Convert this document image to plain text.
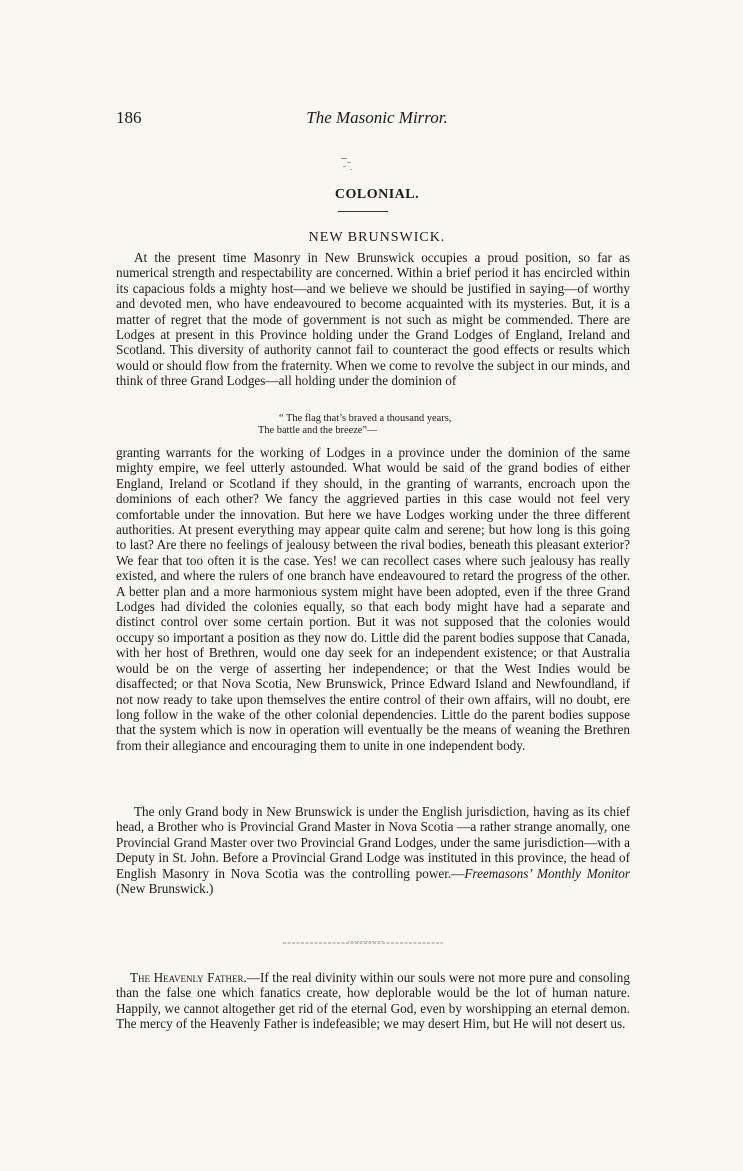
186	The Masonic Mirror.
COLONIAL.
NEW BRUNSWICK.

At the present time Masonry in New Brunswick occupies a proud position, so far as numerical strength and respectability are concerned. Within a brief period it has encircled within its capacious folds a mighty host—and we believe we should be justified in saying—of worthy and devoted men, who have endeavoured to become acquainted with its mysteries. But, it is a matter of regret that the mode of government is not such as might be commended. There are Lodges at present in this Province holding under the Grand Lodges of England, Ireland and Scotland. This diversity of authority cannot fail to counteract the good effects or results which would or should flow from the fraternity. When we come to revolve the subject in our minds, and think of three Grand Lodges—all holding under the dominion of

“ The flag that’s braved a thousand years,
The battle and the breeze”—

granting warrants for the working of Lodges in a province under the dominion of the same mighty empire, we feel utterly astounded. What would be said of the grand bodies of either England, Ireland or Scotland if they should, in the granting of warrants, encroach upon the dominions of each other? We fancy the aggrieved parties in this case would not feel very comfortable under the innovation. But here we have Lodges working under the three different authorities. At present everything may appear quite calm and serene; but how long is this going to last? Are there no feelings of jealousy between the rival bodies, beneath this pleasant exterior? We fear that too often it is the case. Yes! we can recollect cases where such jealousy has really existed, and where the rulers of one branch have endeavoured to retard the progress of the other. A better plan and a more harmonious system might have been adopted, even if the three Grand Lodges had divided the colonies equally, so that each body might have had a separate and distinct control over some certain portion. But it was not supposed that the colonies would occupy so important a position as they now do. Little did the parent bodies suppose that Canada, with her host of Brethren, would one day seek for an independent existence; or that Australia would be on the verge of asserting her independence; or that the West Indies would be disaffected; or that Nova Scotia, New Brunswick, Prince Edward Island and Newfoundland, if not now ready to take upon themselves the entire control of their own affairs, will no doubt, ere long follow in the wake of the other colonial dependencies. Little do the parent bodies suppose that the system which is now in operation will eventually be the means of weaning the Brethren from their allegiance and encouraging them to unite in one independent body.

The only Grand body in New Brunswick is under the English jurisdiction, having as its chief head, a Brother who is Provincial Grand Master in Nova Scotia —a rather strange anomally, one Provincial Grand Master over two Provincial Grand Lodges, under the same jurisdiction—with a Deputy in St. John. Before a Provincial Grand Lodge was instituted in this province, the head of English Masonry in Nova Scotia was the controlling power.—Freemasons’ Monthly Monitor (New Brunswick.)

The Heavenly Father.—If the real divinity within our souls were not more pure and consoling than the false one which fanatics create, how deplorable would be the lot of human nature. Happily, we cannot altogether get rid of the eternal God, even by worshipping an eternal demon. The mercy of the Heavenly Father is indefeasible; we may desert Him, but He will not desert us.
